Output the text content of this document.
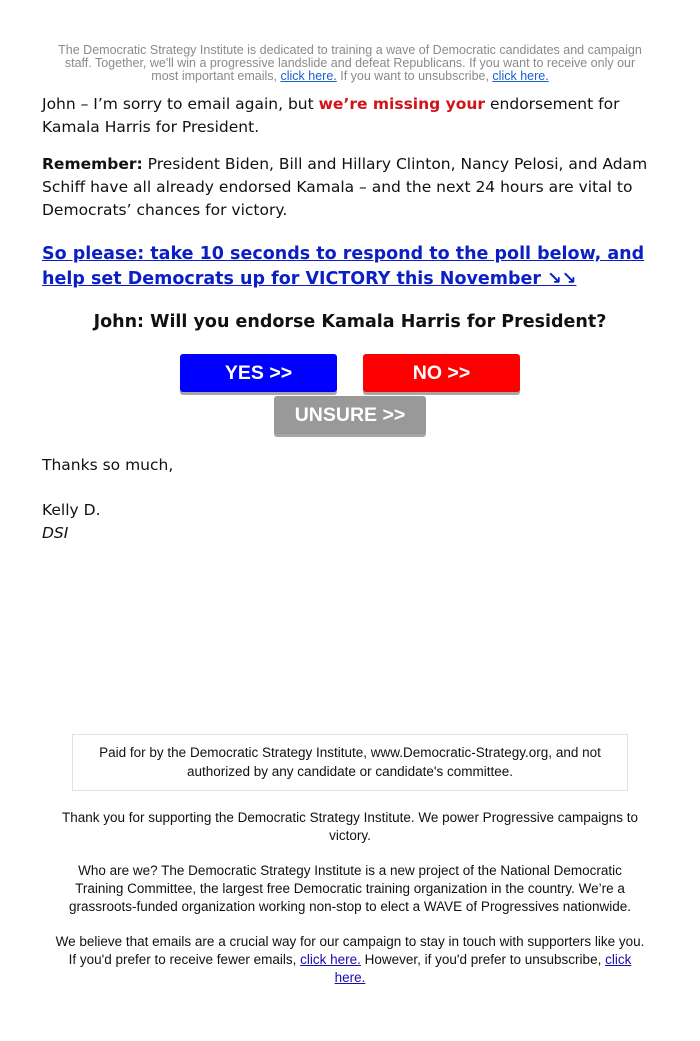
The Democratic Strategy Institute is dedicated to training a wave of Democratic candidates and campaign staff. Together, we'll win a progressive landslide and defeat Republicans. If you want to receive only our most important emails, click here. If you want to unsubscribe, click here.

John – I’m sorry to email again, but we’re missing your endorsement for Kamala Harris for President.

Remember: President Biden, Bill and Hillary Clinton, Nancy Pelosi, and Adam Schiff have all already endorsed Kamala – and the next 24 hours are vital to Democrats’ chances for victory.

So please: take 10 seconds to respond to the poll below, and help set Democrats up for VICTORY this November ↘↘
John: Will you endorse Kamala Harris for President?
YES >>	NO >>
UNSURE >>

Thanks so much,

Kelly D.
DSI
Paid for by the Democratic Strategy Institute, www.Democratic-Strategy.org, and not authorized by any candidate or candidate's committee.

Thank you for supporting the Democratic Strategy Institute. We power Progressive campaigns to victory.

Who are we? The Democratic Strategy Institute is a new project of the National Democratic Training Committee, the largest free Democratic training organization in the country. We’re a grassroots-funded organization working non-stop to elect a WAVE of Progressives nationwide.

We believe that emails are a crucial way for our campaign to stay in touch with supporters like you. If you'd prefer to receive fewer emails, click here. However, if you'd prefer to unsubscribe, click here.
